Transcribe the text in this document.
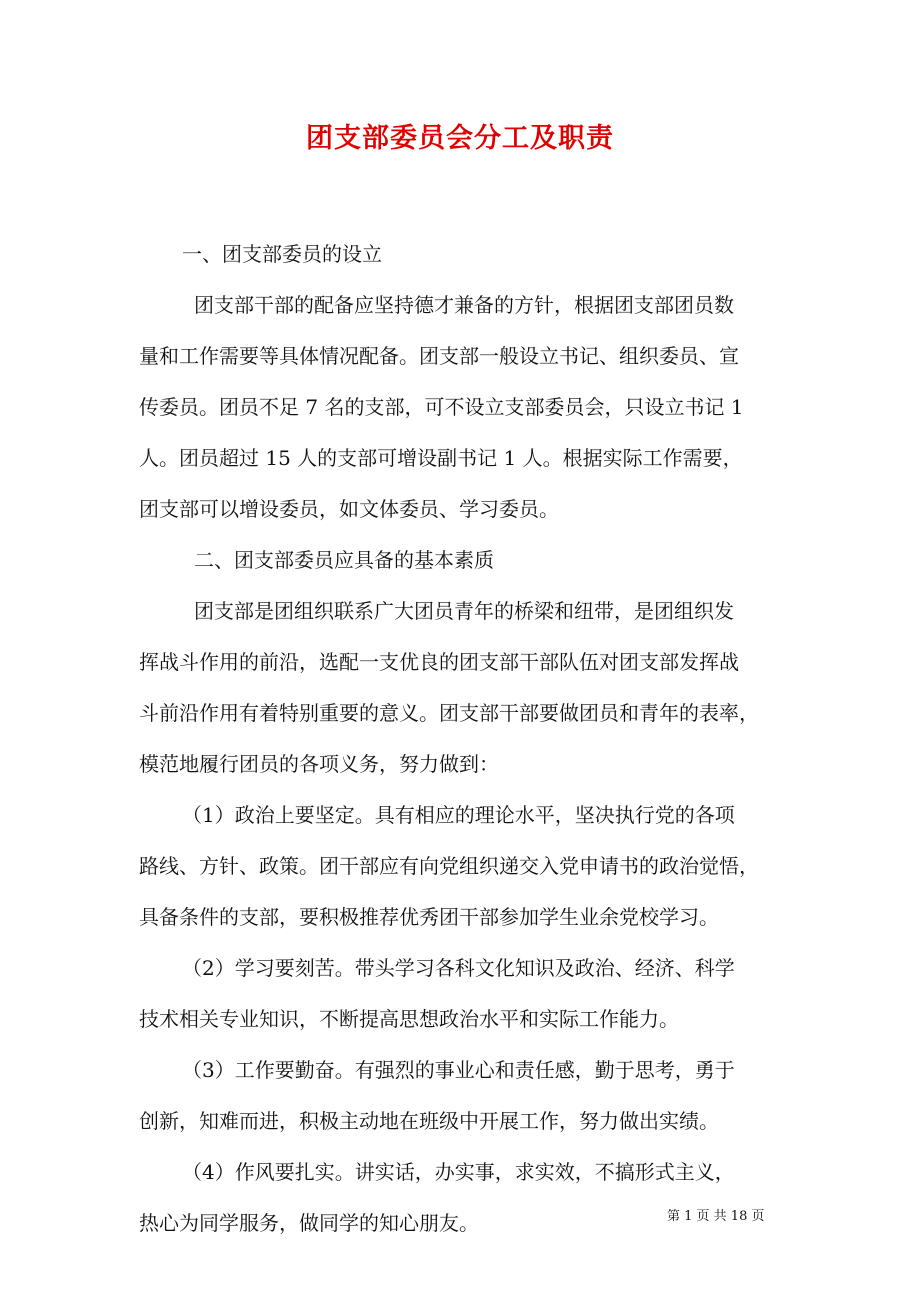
团支部委员会分工及职责
一、团支部委员的设立
团支部干部的配备应坚持德才兼备的方针，根据团支部团员数
量和工作需要等具体情况配备。团支部一般设立书记、组织委员、宣
传委员。团员不足 7 名的支部，可不设立支部委员会，只设立书记 1
人。团员超过 15 人的支部可增设副书记 1 人。根据实际工作需要，
团支部可以增设委员，如文体委员、学习委员。
二、团支部委员应具备的基本素质
团支部是团组织联系广大团员青年的桥梁和纽带，是团组织发
挥战斗作用的前沿，选配一支优良的团支部干部队伍对团支部发挥战
斗前沿作用有着特别重要的意义。团支部干部要做团员和青年的表率，
模范地履行团员的各项义务，努力做到：
（1）政治上要坚定。具有相应的理论水平，坚决执行党的各项
路线、方针、政策。团干部应有向党组织递交入党申请书的政治觉悟，
具备条件的支部，要积极推荐优秀团干部参加学生业余党校学习。
（2）学习要刻苦。带头学习各科文化知识及政治、经济、科学
技术相关专业知识，不断提高思想政治水平和实际工作能力。
（3）工作要勤奋。有强烈的事业心和责任感，勤于思考，勇于
创新，知难而进，积极主动地在班级中开展工作，努力做出实绩。
（4）作风要扎实。讲实话，办实事，求实效，不搞形式主义，
热心为同学服务，做同学的知心朋友。	第 1 页 共 18 页
